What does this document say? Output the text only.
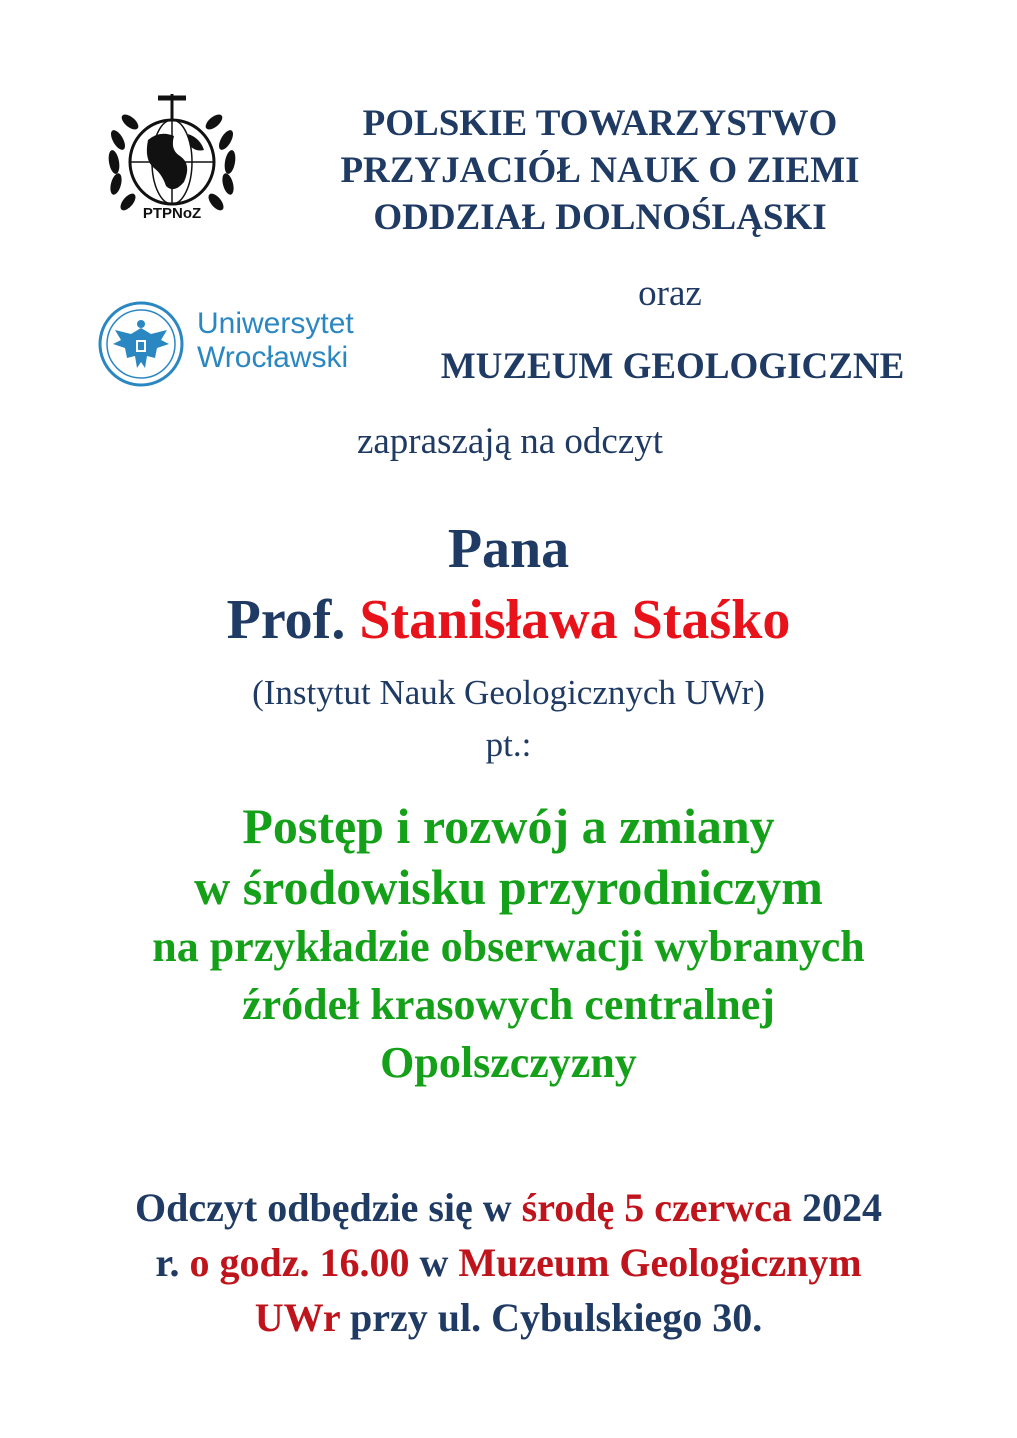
PTPNoZ
POLSKIE TOWARZYSTWO
PRZYJACIÓŁ NAUK O ZIEMI
ODDZIAŁ DOLNOŚLĄSKI
oraz
Uniwersytet
Wrocławski	MUZEUM GEOLOGICZNE
zapraszają na odczyt
Pana
Prof. Stanisława Staśko
(Instytut Nauk Geologicznych UWr)
pt.:
Postęp i rozwój a zmiany
w środowisku przyrodniczym
na przykładzie obserwacji wybranych
źródeł krasowych centralnej
Opolszczyzny
Odczyt odbędzie się w środę 5 czerwca 2024
r. o godz. 16.00 w Muzeum Geologicznym
UWr przy ul. Cybulskiego 30.
